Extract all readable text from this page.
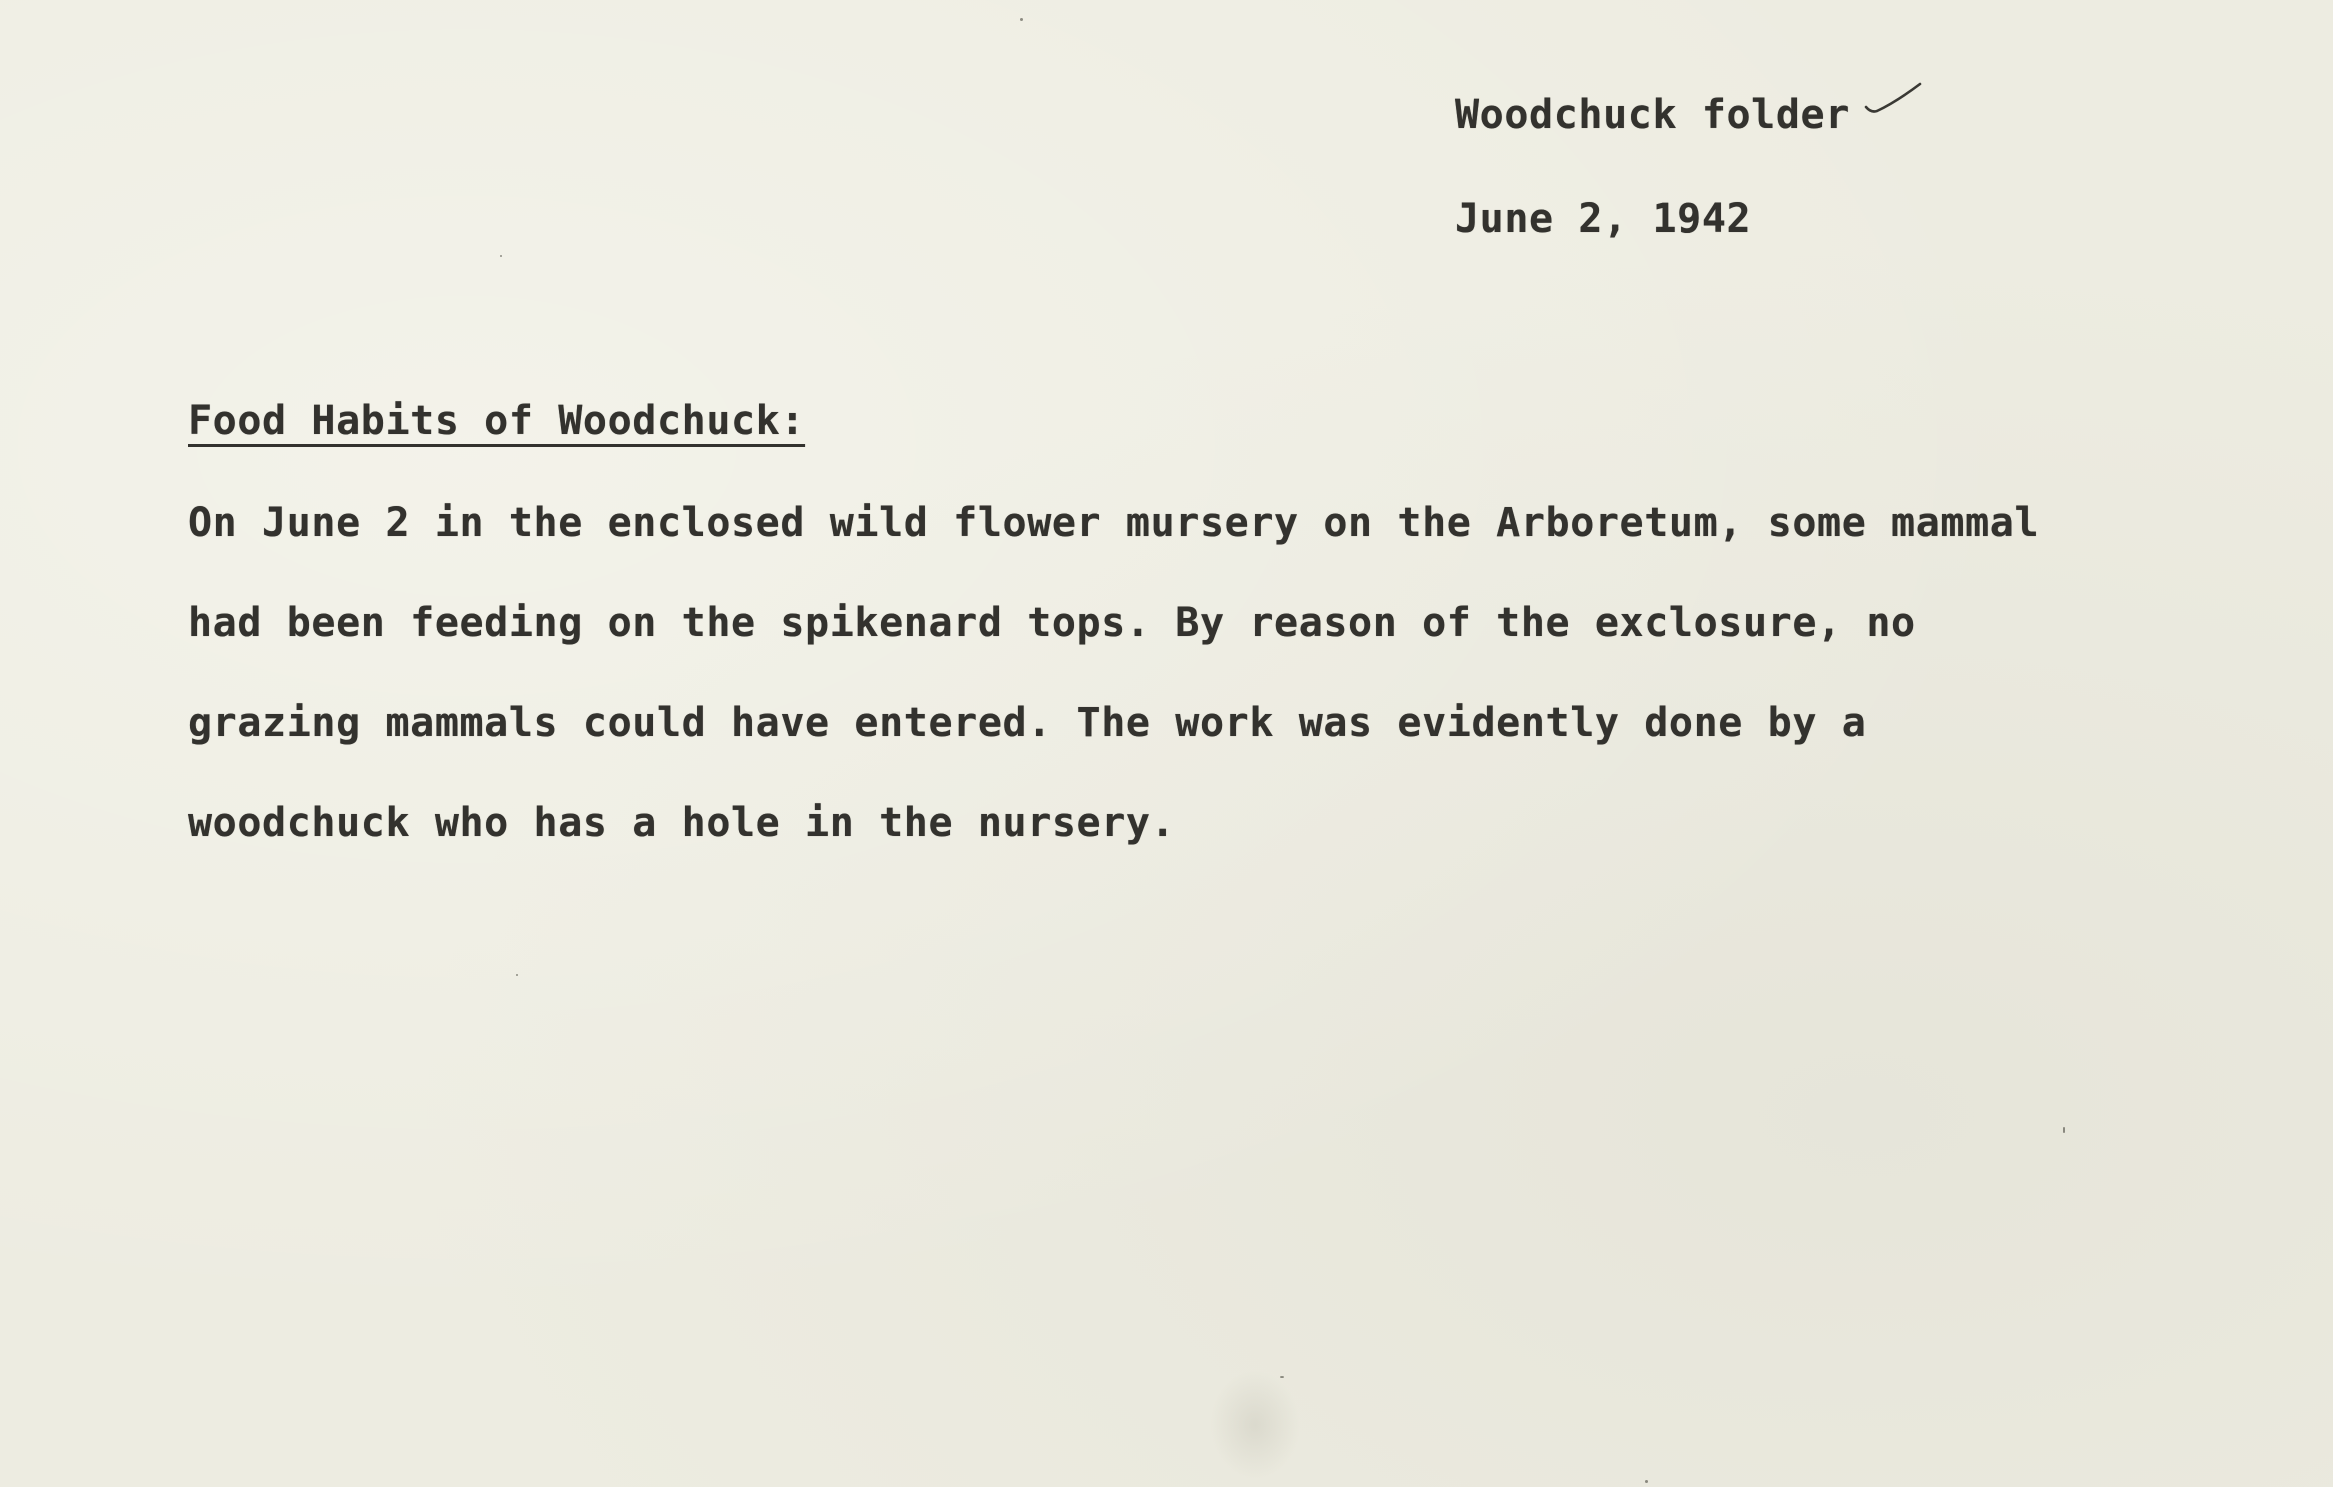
Woodchuck folder
June 2, 1942
Food Habits of Woodchuck:
On June 2 in the enclosed wild flower mursery on the Arboretum, some mammal
had been feeding on the spikenard tops. By reason of the exclosure, no
grazing mammals could have entered. The work was evidently done by a
woodchuck who has a hole in the nursery.
